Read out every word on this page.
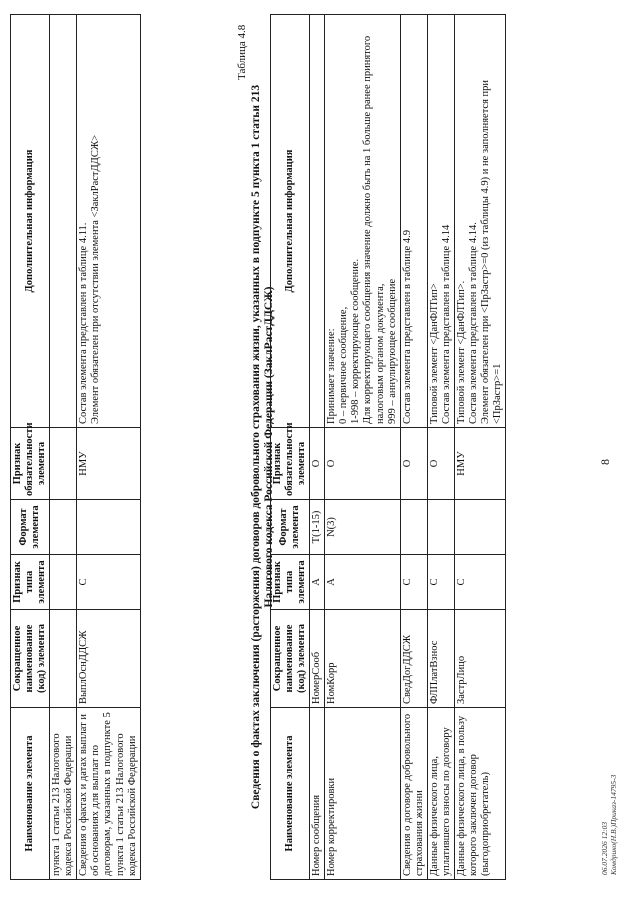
8
Наименование элемента	Сокращенное наименование (код) элемента	Признак типа элемента	Формат элемента	Признак обязательности элемента	Дополнительная информация
пункта 1 статьи 213 Налогового кодекса Российской Федерации					
Сведения о фактах и датах выплат и об основаниях для выплат по договорам, указанных в подпункте 5 пункта 1 статьи 213 Налогового кодекса Российской Федерации	ВыплОснДДСЖ	С		НМУ	Состав элемента представлен в таблице 4.11. Элемент обязателен при отсутствии элемента <ЗаклРастДДСЖ>
Таблица 4.8
Сведения о фактах заключения (расторжения) договоров добровольного страхования жизни, указанных в подпункте 5 пункта 1 статьи 213 Налогового кодекса Российской Федерации (ЗаклРастДДСЖ)
Наименование элемента	Сокращенное наименование (код) элемента	Признак типа элемента	Формат элемента	Признак обязательности элемента	Дополнительная информация
Номер сообщения	НомерСооб	А	T(1-15)	О	
Номер корректировки	НомКорр	А	N(3)	О	Принимает значение: 0 – первичное сообщение, 1-998 – корректирующее сообщение. Для корректирующего сообщения значение должно быть на 1 больше ранее принятого налоговым органом документа, 999 – аннулирующее сообщение

Сведения о договоре добровольного страхования жизни	СведДогДДСЖ	С		О	Состав элемента представлен в таблице 4.9

Данные физического лица, уплатившего взносы по договору	ФЛПлатВзнос	С		О	Типовой элемент <ДанФЛТип> Состав элемента представлен в таблице 4.14

Данные физического лица, в пользу которого заключен договор (выгодоприобретатель)	ЗастрЛицо	С		НМУ	Типовой элемент <ДанФЛТип>. Состав элемента представлен в таблице 4.14. Элемент обязателен при <ПрЗастр>=0 (из таблицы 4.9) и не заполняется при <ПрЗастр>=1
06.07.2026 12:03 Комдрико(Н.В.)Приказ-14795-3
